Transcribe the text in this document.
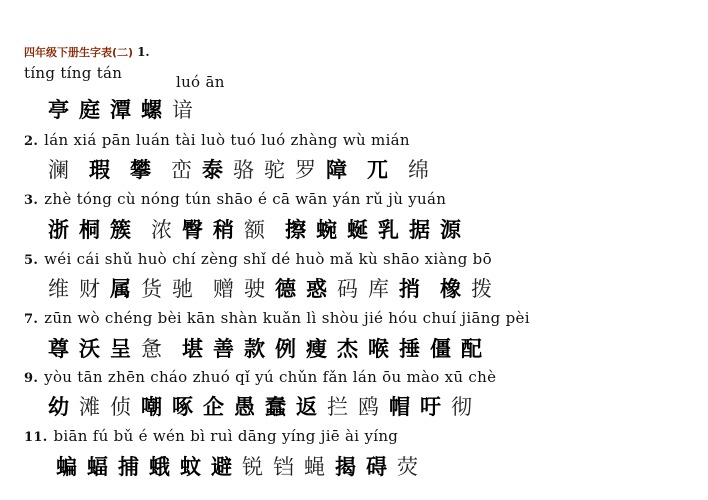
四年级下册生字表(二) 1.
tíng tíng tán	luó ān
亭 庭 潭 螺 谙
2. lán xiá pān luán tài luò tuó luó zhàng wù mián
澜 瑕 攀 峦 泰 骆 驼 罗 障 兀 绵
3. zhè tóng cù nóng tún shāo é cā wān yán rǔ jù yuán
浙 桐 簇 浓 臀 稍 额 擦 蜿 蜒 乳 据 源
5. wéi cái shǔ huò chí zèng shǐ dé huò mǎ kù shāo xiàng bō
维 财 属 货 驰 赠 驶 德 惑 码 库 捎 橡 拨
7. zūn wò chéng bèi kān shàn kuǎn lì shòu jié hóu chuí jiāng pèi
尊 沃 呈 惫 堪 善 款 例 瘦 杰 喉 捶 僵 配
9. yòu tān zhēn cháo zhuó qǐ yú chǔn fǎn lán ōu mào xū chè
幼 滩 侦 嘲 啄 企 愚 蠢 返 拦 鸥 帽 吁 彻
11. biān fú bǔ é wén bì ruì dāng yíng jiē ài yíng
蝙 蝠 捕 蛾 蚊 避 锐 铛 蝇 揭 碍 荧
